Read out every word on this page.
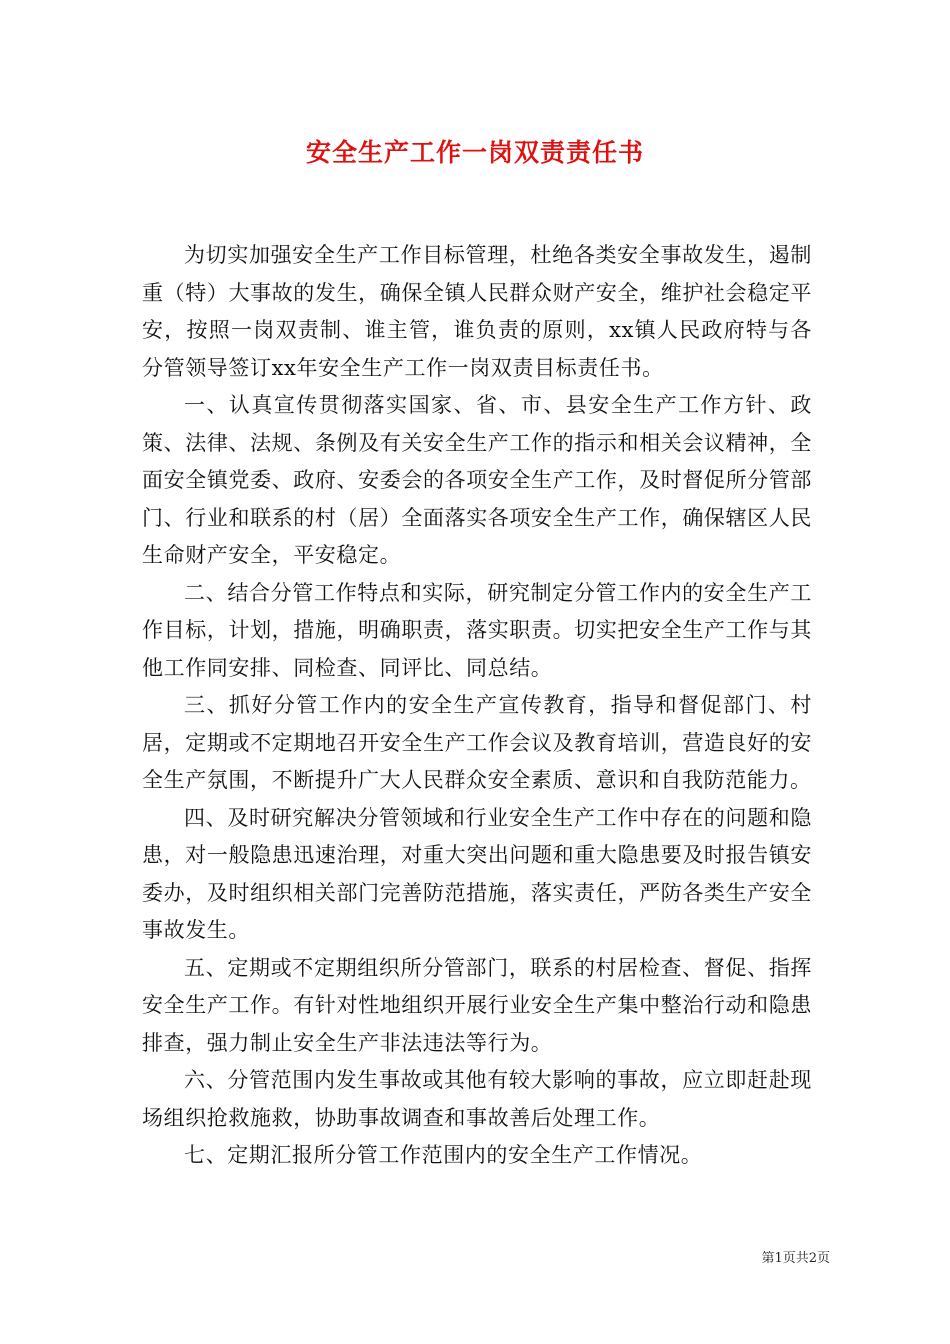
安全生产工作一岗双责责任书

为切实加强安全生产工作目标管理，杜绝各类安全事故发生，遏制重（特）大事故的发生，确保全镇人民群众财产安全，维护社会稳定平安，按照一岗双责制、谁主管，谁负责的原则，xx镇人民政府特与各分管领导签订xx年安全生产工作一岗双责目标责任书。

一、认真宣传贯彻落实国家、省、市、县安全生产工作方针、政策、法律、法规、条例及有关安全生产工作的指示和相关会议精神，全面安全镇党委、政府、安委会的各项安全生产工作，及时督促所分管部门、行业和联系的村（居）全面落实各项安全生产工作，确保辖区人民生命财产安全，平安稳定。

二、结合分管工作特点和实际，研究制定分管工作内的安全生产工作目标，计划，措施，明确职责，落实职责。切实把安全生产工作与其他工作同安排、同检查、同评比、同总结。

三、抓好分管工作内的安全生产宣传教育，指导和督促部门、村居，定期或不定期地召开安全生产工作会议及教育培训，营造良好的安全生产氛围，不断提升广大人民群众安全素质、意识和自我防范能力。

四、及时研究解决分管领域和行业安全生产工作中存在的问题和隐患，对一般隐患迅速治理，对重大突出问题和重大隐患要及时报告镇安委办，及时组织相关部门完善防范措施，落实责任，严防各类生产安全事故发生。

五、定期或不定期组织所分管部门，联系的村居检查、督促、指挥安全生产工作。有针对性地组织开展行业安全生产集中整治行动和隐患排查，强力制止安全生产非法违法等行为。

六、分管范围内发生事故或其他有较大影响的事故，应立即赶赴现场组织抢救施救，协助事故调查和事故善后处理工作。

七、定期汇报所分管工作范围内的安全生产工作情况。

第1页共2页
